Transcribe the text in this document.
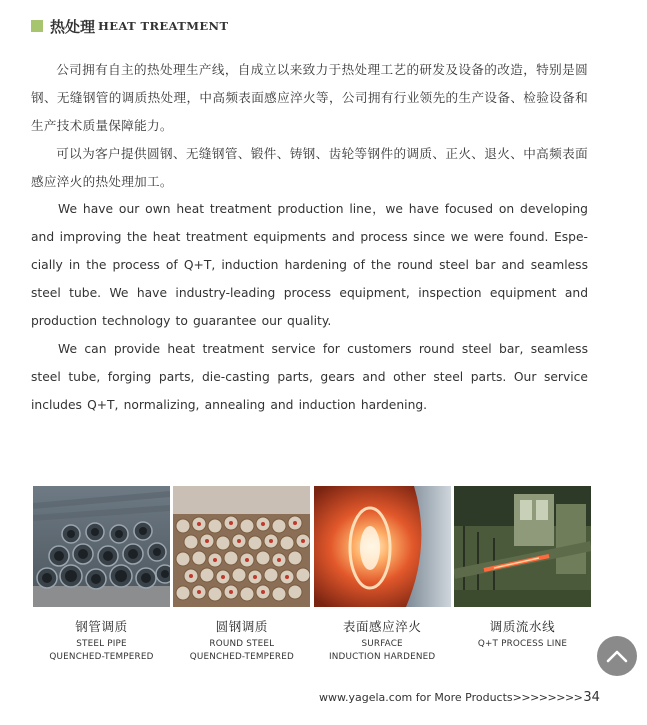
热处理 HEAT TREATMENT

公司拥有自主的热处理生产线，自成立以来致力于热处理工艺的研发及设备的改造，特别是圆钢、无缝钢管的调质热处理，中高频表面感应淬火等，公司拥有行业领先的生产设备、检验设备和生产技术质量保障能力。

可以为客户提供圆钢、无缝钢管、锻件、铸钢、齿轮等钢件的调质、正火、退火、中高频表面感应淬火的热处理加工。

We have our own heat treatment production line，we have focused on developing and improving the heat treatment equipments and process since we were found. Espe-cially in the process of Q+T, induction hardening of the round steel bar and seamless steel tube. We have industry-leading process equipment, inspection equipment and production technology to guarantee our quality.

We can provide heat treatment service for customers round steel bar, seamless steel tube, forging parts, die-casting parts, gears and other steel parts. Our service includes Q+T, normalizing, annealing and induction hardening.

钢管调质
STEEL PIPE
QUENCHED-TEMPERED
圆钢调质
ROUND STEEL
QUENCHED-TEMPERED
表面感应淬火
SURFACE
INDUCTION HARDENED
调质流水线
Q+T PROCESS LINE
www.yagela.com for More Products >>>>>>>> 34
